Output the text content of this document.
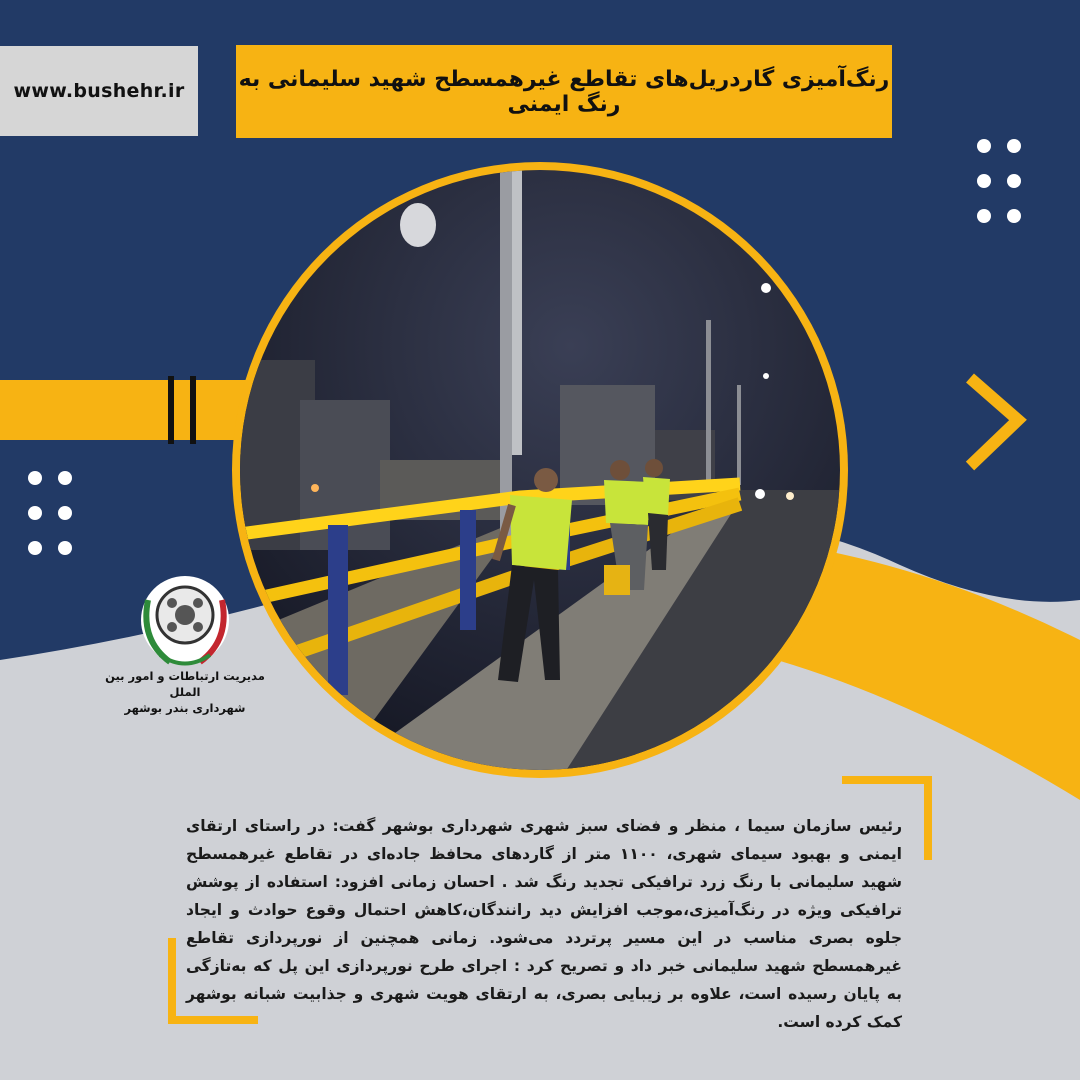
www.bushehr.ir	رنگ‌آمیزی گاردریل‌های تقاطع غیرهمسطح شهید سلیمانی به رنگ ایمنی
مدیریت ارتباطات و امور بین الملل
شهرداری بندر بوشهر
رئیس سازمان سیما ، منظر و فضای سبز شهری شهرداری بوشهر گفت: در راستای ارتقای ایمنی و بهبود سیمای شهری، ۱۱۰۰ متر از گاردهای محافظ جاده‌ای در تقاطع غیرهمسطح شهید سلیمانی با رنگ زرد ترافیکی تجدید رنگ شد . احسان زمانی افزود: استفاده از پوشش ترافیکی ویژه در رنگ‌آمیزی،موجب افزایش دید رانندگان،کاهش احتمال وقوع حوادث و ایجاد جلوه بصری مناسب در این مسیر پرتردد می‌شود. زمانی همچنین از نورپردازی تقاطع غیرهمسطح شهید سلیمانی خبر داد و تصریح کرد : اجرای طرح نورپردازی این پل که به‌تازگی به پایان رسیده است، علاوه بر زیبایی بصری، به ارتقای هویت شهری و جذابیت شبانه بوشهر کمک کرده است.
